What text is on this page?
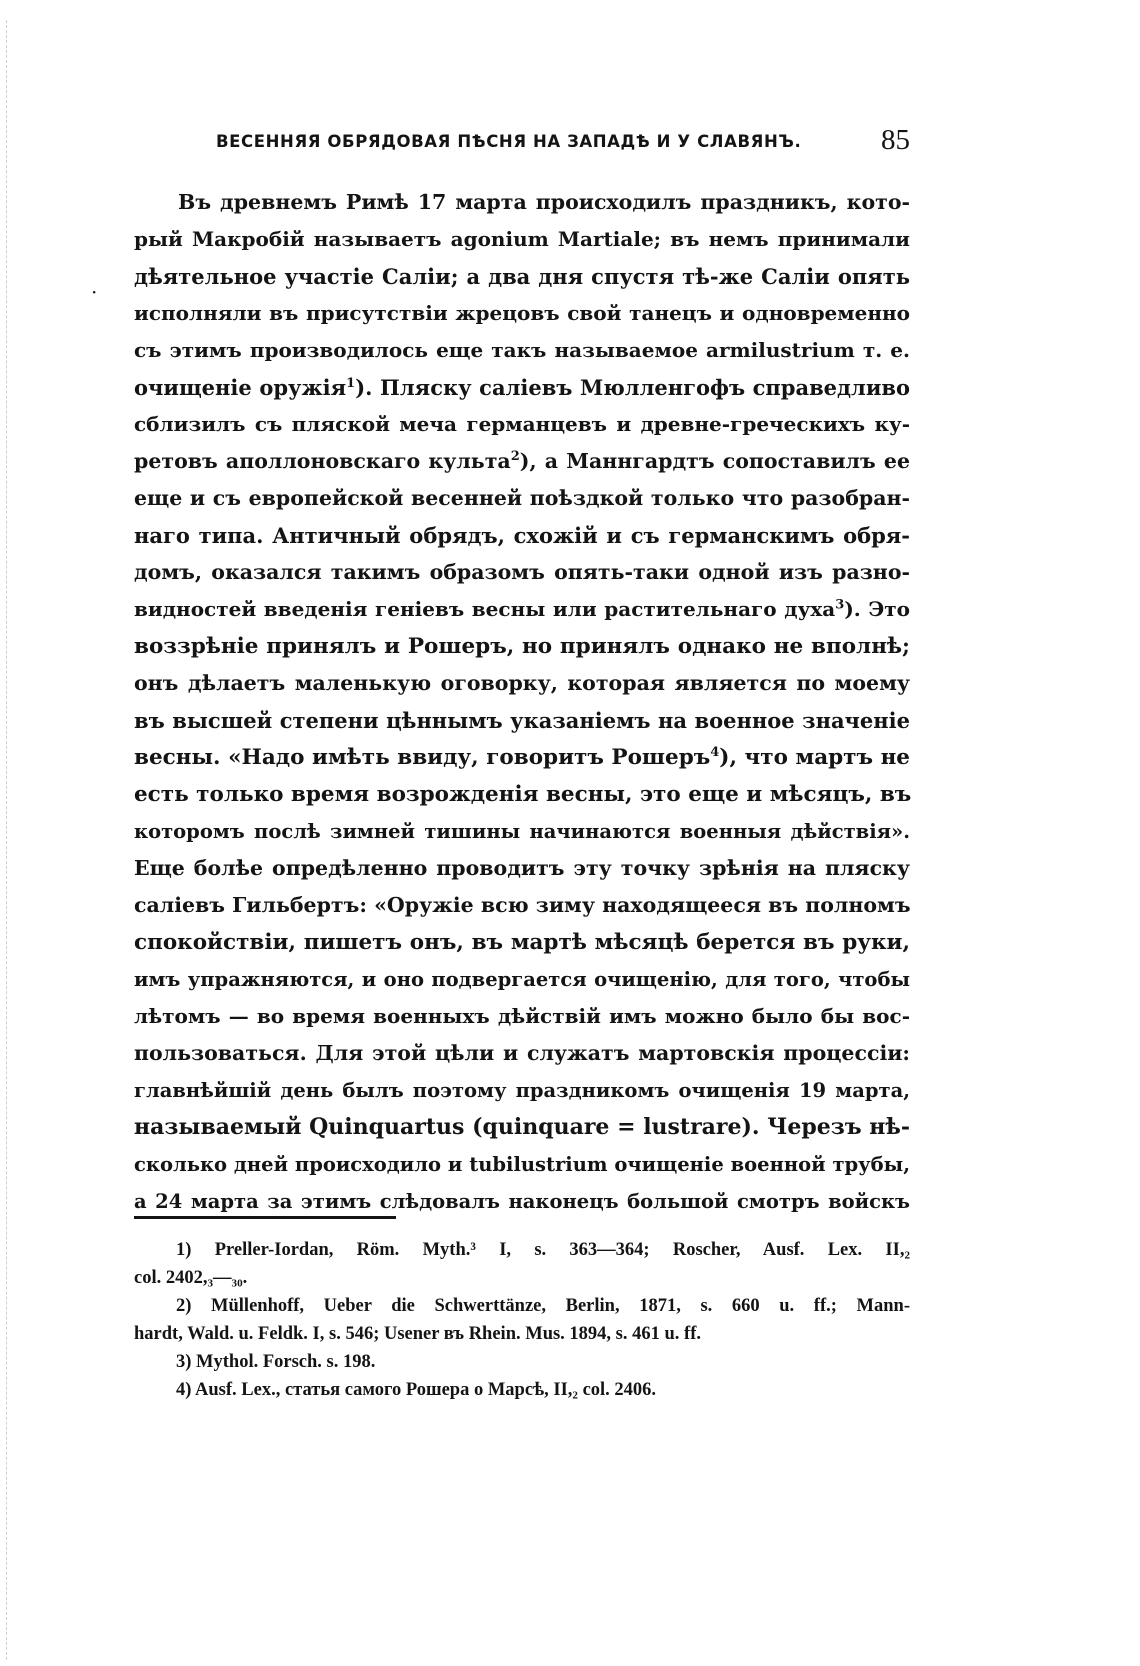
ВЕСЕННЯЯ ОБРЯДОВАЯ ПѢСНЯ НА ЗАПАДѢ И У СЛАВЯНЪ.	85
·
Въ древнемъ Римѣ 17 марта происходилъ праздникъ, кото-
рый Макробій называетъ agonium Martiale; въ немъ принимали
дѣятельное участіе Саліи; а два дня спустя тѣ-же Саліи опять
исполняли въ присутствіи жрецовъ свой танецъ и одновременно
съ этимъ производилось еще такъ называемое armilustrium т. е.
очищеніе оружія$^1$). Пляску саліевъ Мюлленгофъ справедливо
сблизилъ съ пляской меча германцевъ и древне-греческихъ ку-
ретовъ аполлоновскаго культа$^2$), а Маннгардтъ сопоставилъ ее
еще и съ европейской весенней поѣздкой только что разобран-
наго типа. Античный обрядъ, схожій и съ германскимъ обря-
домъ, оказался такимъ образомъ опять-таки одной изъ разно-
видностей введенія геніевъ весны или растительнаго духа$^3$). Это
воззрѣніе принялъ и Рошеръ, но принялъ однако не вполнѣ;
онъ дѣлаетъ маленькую оговорку, которая является по моему
въ высшей степени цѣннымъ указаніемъ на военное значеніе
весны. «Надо имѣть ввиду, говоритъ Рошеръ$^4$), что мартъ не
есть только время возрожденія весны, это еще и мѣсяцъ, въ
которомъ послѣ зимней тишины начинаются военныя дѣйствія».
Еще болѣе опредѣленно проводитъ эту точку зрѣнія на пляску
саліевъ Гильбертъ: «Оружіе всю зиму находящееся въ полномъ
спокойствіи, пишетъ онъ, въ мартѣ мѣсяцѣ берется въ руки,
имъ упражняются, и оно подвергается очищенію, для того, чтобы
лѣтомъ — во время военныхъ дѣйствій имъ можно было бы вос-
пользоваться. Для этой цѣли и служатъ мартовскія процессіи:
главнѣйшій день былъ поэтому праздникомъ очищенія 19 марта,
называемый Quinquartus (quinquare = lustrare). Черезъ нѣ-
сколько дней происходило и tubilustrium очищеніе военной трубы,
а 24 марта за этимъ слѣдовалъ наконецъ большой смотръ войскъ
1) Preller-Iordan, Röm. Myth.³ I, s. 363—364; Roscher, Ausf. Lex. II,₂
col. 2402,₃—₃₀.
2) Müllenhoff, Ueber die Schwerttänze, Berlin, 1871, s. 660 u. ff.; Mann-
hardt, Wald. u. Feldk. I, s. 546; Usener въ Rhein. Mus. 1894, s. 461 u. ff.
3) Mythol. Forsch. s. 198.
4) Ausf. Lex., статья самого Рошера о Марсѣ, II,₂ col. 2406.
